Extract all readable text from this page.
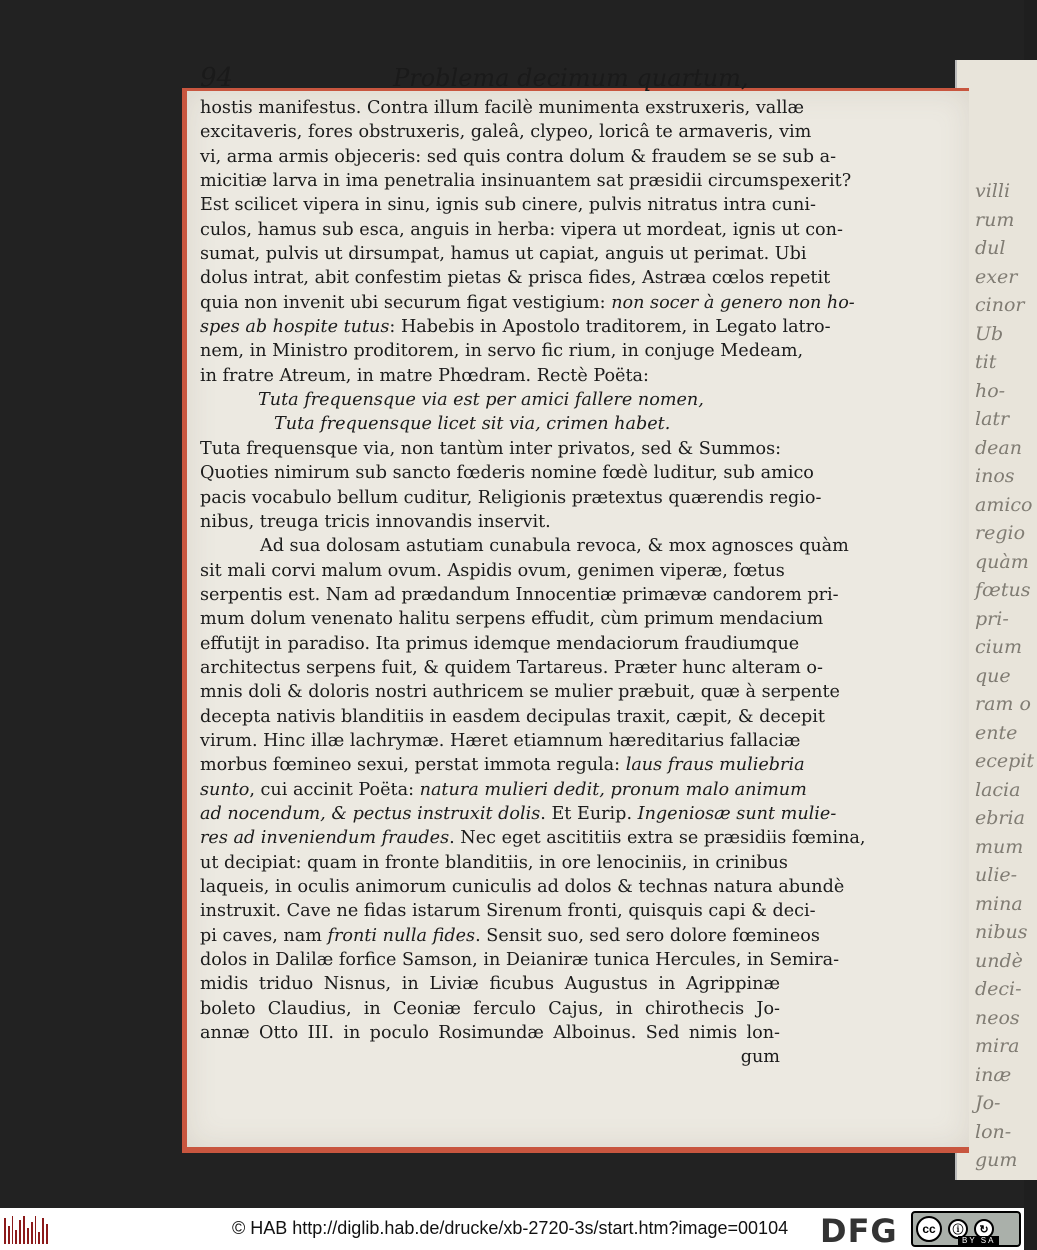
villi
rum
dul
exer
cinor
Ub
tit
ho-
latr
dean
inos
amico
regio
quàm
fœtus
pri-
cium
que
ram o
ente
ecepit
lacia
ebria
mum
ulie-
mina
nibus
undè
deci-
neos
mira
inæ
Jo-
lon-
gum
94	Problema decimum quartum,
hostis manifestus. Contra illum facilè munimenta exstruxeris, vallæ
excitaveris, fores obstruxeris, galeâ, clypeo, loricâ te armaveris, vim
vi, arma armis objeceris: sed quis contra dolum & fraudem se se sub a-
micitiæ larva in ima penetralia insinuantem sat præsidii circumspexerit?
Est scilicet vipera in sinu, ignis sub cinere, pulvis nitratus intra cuni-
culos, hamus sub esca, anguis in herba: vipera ut mordeat, ignis ut con-
sumat, pulvis ut dirsumpat, hamus ut capiat, anguis ut perimat. Ubi
dolus intrat, abit confestim pietas & prisca fides, Astræa cœlos repetit
quia non invenit ubi securum figat vestigium: non socer à genero non ho-
spes ab hospite tutus: Habebis in Apostolo traditorem, in Legato latro-
nem, in Ministro proditorem, in servo fic rium, in conjuge Medeam,
in fratre Atreum, in matre Phœdram. Rectè Poëta:
Tuta frequensque via est per amici fallere nomen,
Tuta frequensque licet sit via, crimen habet.
Tuta frequensque via, non tantùm inter privatos, sed & Summos:
Quoties nimirum sub sancto fœderis nomine fœdè luditur, sub amico
pacis vocabulo bellum cuditur, Religionis prætextus quærendis regio-
nibus, treuga tricis innovandis inservit.
Ad sua dolosam astutiam cunabula revoca, & mox agnosces quàm
sit mali corvi malum ovum. Aspidis ovum, genimen viperæ, fœtus
serpentis est. Nam ad prædandum Innocentiæ primævæ candorem pri-
mum dolum venenato halitu serpens effudit, cùm primum mendacium
effutijt in paradiso. Ita primus idemque mendaciorum fraudiumque
architectus serpens fuit, & quidem Tartareus. Præter hunc alteram o-
mnis doli & doloris nostri authricem se mulier præbuit, quæ à serpente
decepta nativis blanditiis in easdem decipulas traxit, cæpit, & decepit
virum. Hinc illæ lachrymæ. Hæret etiamnum hæreditarius fallaciæ
morbus fœmineo sexui, perstat immota regula: laus fraus muliebria
sunto, cui accinit Poëta: natura mulieri dedit, pronum malo animum
ad nocendum, & pectus instruxit dolis. Et Eurip. Ingeniosæ sunt mulie-
res ad inveniendum fraudes. Nec eget ascititiis extra se præsidiis fœmina,
ut decipiat: quam in fronte blanditiis, in ore lenociniis, in crinibus
laqueis, in oculis animorum cuniculis ad dolos & technas natura abundè
instruxit. Cave ne fidas istarum Sirenum fronti, quisquis capi & deci-
pi caves, nam fronti nulla fides. Sensit suo, sed sero dolore fœmineos
dolos in Dalilæ forfice Samson, in Deianiræ tunica Hercules, in Semira-
midis triduo Nisnus, in Liviæ ficubus Augustus in Agrippinæ
boleto Claudius, in Ceoniæ ferculo Cajus, in chirothecis Jo-
annæ Otto III. in poculo Rosimundæ Alboinus. Sed nimis lon-
gum
© HAB http://diglib.hab.de/drucke/xb-2720-3s/start.htm?image=00104 DFG	cc	ⓘ	↻
BY SA
